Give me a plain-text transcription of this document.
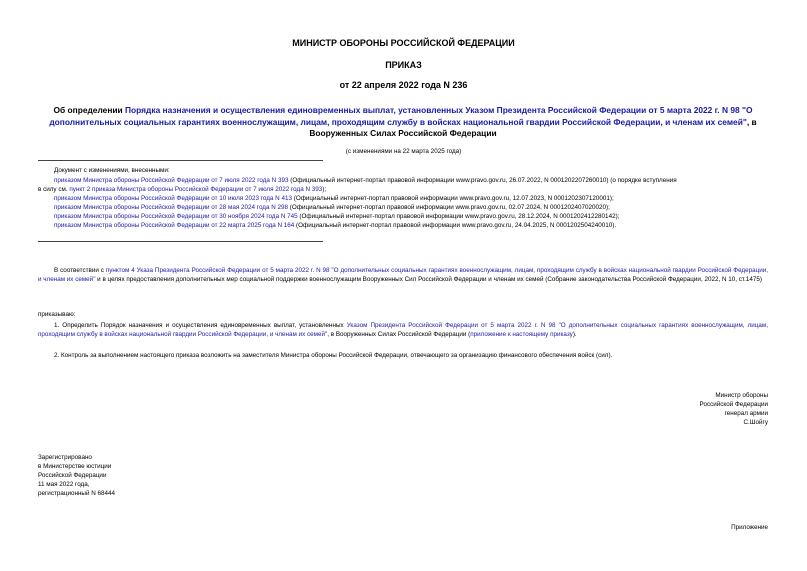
МИНИСТР ОБОРОНЫ РОССИЙСКОЙ ФЕДЕРАЦИИ
ПРИКАЗ
от 22 апреля 2022 года N 236
Об определении Порядка назначения и осуществления единовременных выплат, установленных Указом Президента Российской Федерации от 5 марта 2022 г. N 98 "О дополнительных социальных гарантиях военнослужащим, лицам, проходящим службу в войсках национальной гвардии Российской Федерации, и членам их семей", в Вооруженных Силах Российской Федерации
(с изменениями на 22 марта 2025 года)
Документ с изменениями, внесенными:
приказом Министра обороны Российской Федерации от 7 июля 2022 года N 393 (Официальный интернет-портал правовой информации www.pravo.gov.ru, 26.07.2022, N 0001202207260010) (о порядке вступления
в силу см. пункт 2 приказа Министра обороны Российской Федерации от 7 июля 2022 года N 393);
приказом Министра обороны Российской Федерации от 10 июля 2023 года N 413 (Официальный интернет-портал правовой информации www.pravo.gov.ru, 12.07.2023, N 0001202307120001);
приказом Министра обороны Российской Федерации от 28 мая 2024 года N 298 (Официальный интернет-портал правовой информации www.pravo.gov.ru, 02.07.2024, N 0001202407020020);
приказом Министра обороны Российской Федерации от 30 ноября 2024 года N 745 (Официальный интернет-портал правовой информации www.pravo.gov.ru, 28.12.2024, N 0001202412280142);
приказом Министра обороны Российской Федерации от 22 марта 2025 года N 164 (Официальный интернет-портал правовой информации www.pravo.gov.ru, 24.04.2025, N 0001202504240010).
В соответствии с пунктом 4 Указа Президента Российской Федерации от 5 марта 2022 г. N 98 "О дополнительных социальных гарантиях военнослужащим, лицам, проходящим службу в войсках национальной гвардии Российской Федерации, и членам их семей" и в целях предоставления дополнительных мер социальной поддержки военнослужащим Вооруженных Сил Российской Федерации и членам их семей (Собрание законодательства Российской Федерации, 2022, N 10, ст.1475)
приказываю:
1. Определить Порядок назначения и осуществления единовременных выплат, установленных Указом Президента Российской Федерации от 5 марта 2022 г. N 98 "О дополнительных социальных гарантиях военнослужащим, лицам, проходящим службу в войсках национальной гвардии Российской Федерации, и членам их семей", в Вооруженных Силах Российской Федерации (приложение к настоящему приказу).
2. Контроль за выполнением настоящего приказа возложить на заместителя Министра обороны Российской Федерации, отвечающего за организацию финансового обеспечения войск (сил).
Министр обороны
Российской Федерации
генерал армии
С.Шойгу
Зарегистрировано
в Министерстве юстиции
Российской Федерации
11 мая 2022 года,
регистрационный N 68444
Приложение
